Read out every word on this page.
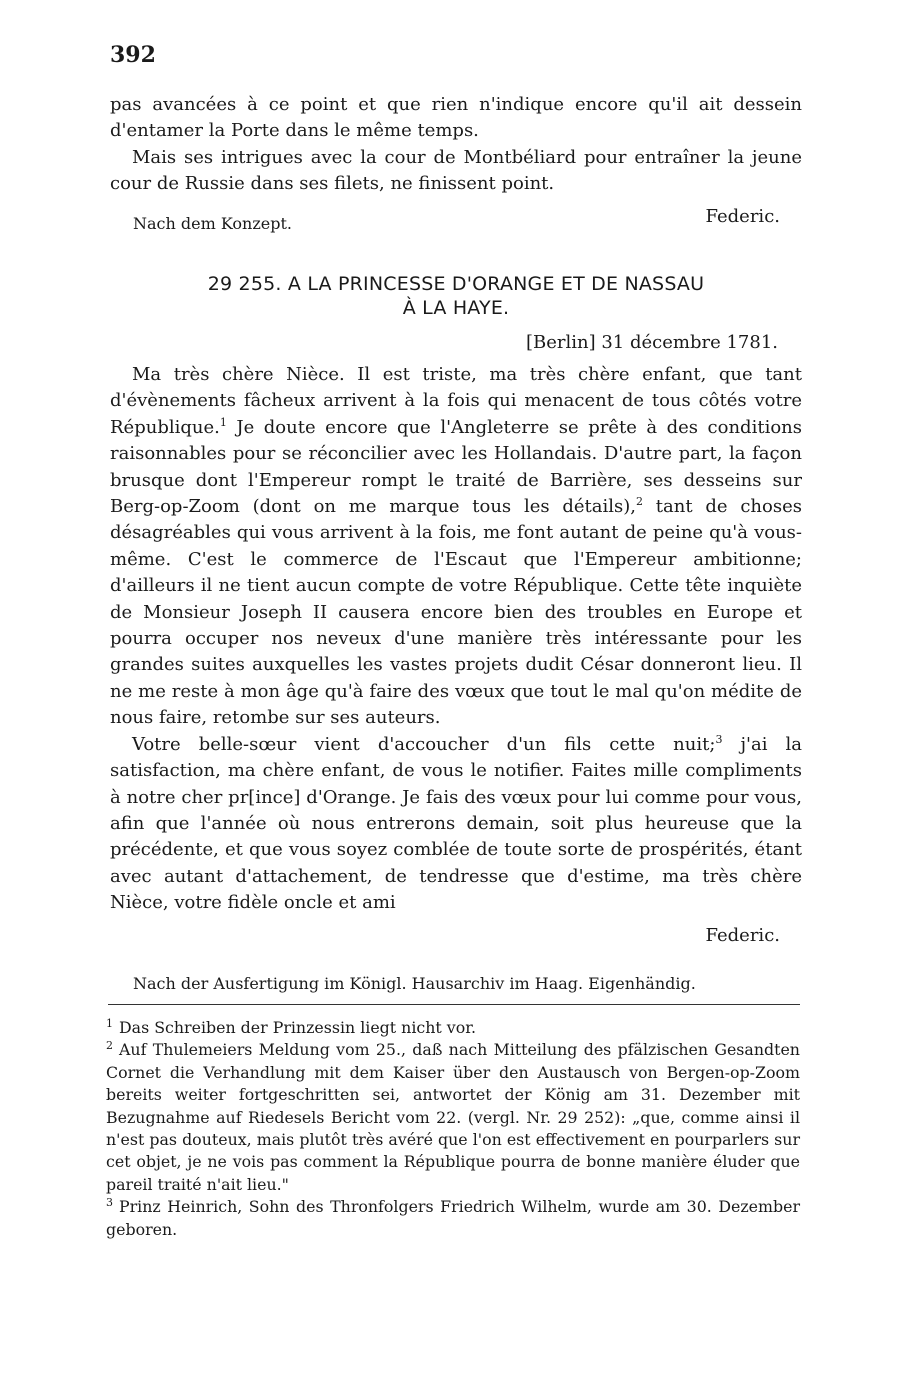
392

pas avancées à ce point et que rien n'indique encore qu'il ait dessein d'entamer la Porte dans le même temps.

Mais ses intrigues avec la cour de Montbéliard pour entraîner la jeune cour de Russie dans ses filets, ne finissent point.

Federic.

Nach dem Konzept.

29 255. A LA PRINCESSE D'ORANGE ET DE NASSAU

À LA HAYE.

[Berlin] 31 décembre 1781.

Ma très chère Nièce. Il est triste, ma très chère enfant, que tant d'évènements fâcheux arrivent à la fois qui menacent de tous côtés votre République.$^1$ Je doute encore que l'Angleterre se prête à des conditions raisonnables pour se réconcilier avec les Hollandais. D'autre part, la façon brusque dont l'Empereur rompt le traité de Barrière, ses desseins sur Berg-op-Zoom (dont on me marque tous les détails),$^2$ tant de choses désagréables qui vous arrivent à la fois, me font autant de peine qu'à vous-même. C'est le commerce de l'Escaut que l'Empereur ambitionne; d'ailleurs il ne tient aucun compte de votre République. Cette tête inquiète de Monsieur Joseph II causera encore bien des troubles en Europe et pourra occuper nos neveux d'une manière très intéressante pour les grandes suites auxquelles les vastes projets dudit César donneront lieu. Il ne me reste à mon âge qu'à faire des vœux que tout le mal qu'on médite de nous faire, retombe sur ses auteurs.

Votre belle-sœur vient d'accoucher d'un fils cette nuit;$^3$ j'ai la satisfaction, ma chère enfant, de vous le notifier. Faites mille compliments à notre cher pr[ince] d'Orange. Je fais des vœux pour lui comme pour vous, afin que l'année où nous entrerons demain, soit plus heureuse que la précédente, et que vous soyez comblée de toute sorte de prospérités, étant avec autant d'attachement, de tendresse que d'estime, ma très chère Nièce, votre fidèle oncle et ami

Federic.

Nach der Ausfertigung im Königl. Hausarchiv im Haag. Eigenhändig.

$^1$ Das Schreiben der Prinzessin liegt nicht vor.

$^2$ Auf Thulemeiers Meldung vom 25., daß nach Mitteilung des pfälzischen Gesandten Cornet die Verhandlung mit dem Kaiser über den Austausch von Bergen-op-Zoom bereits weiter fortgeschritten sei, antwortet der König am 31. Dezember mit Bezugnahme auf Riedesels Bericht vom 22. (vergl. Nr. 29 252): „que, comme ainsi il n'est pas douteux, mais plutôt très avéré que l'on est effectivement en pourparlers sur cet objet, je ne vois pas comment la République pourra de bonne manière éluder que pareil traité n'ait lieu."

$^3$ Prinz Heinrich, Sohn des Thronfolgers Friedrich Wilhelm, wurde am 30. Dezember geboren.
